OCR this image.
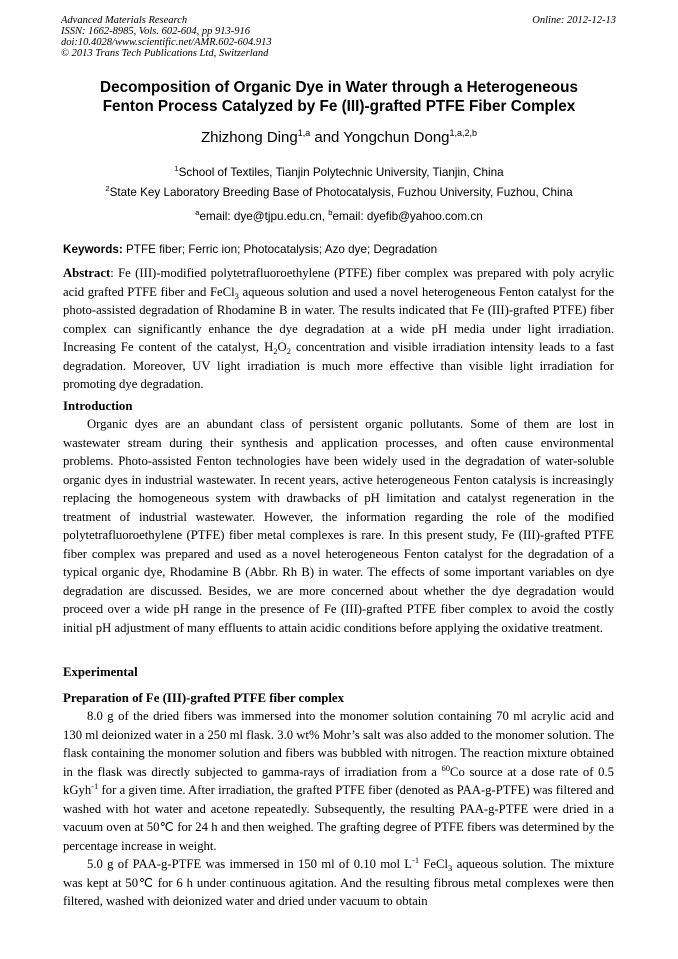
Advanced Materials Research
ISSN: 1662-8985, Vols. 602-604, pp 913-916
doi:10.4028/www.scientific.net/AMR.602-604.913
© 2013 Trans Tech Publications Ltd, Switzerland
Online: 2012-12-13
Decomposition of Organic Dye in Water through a Heterogeneous
Fenton Process Catalyzed by Fe (III)-grafted PTFE Fiber Complex
Zhizhong Ding$^{1,a}$ and Yongchun Dong$^{1,a,2,b}$
$^1$School of Textiles, Tianjin Polytechnic University, Tianjin, China
$^2$State Key Laboratory Breeding Base of Photocatalysis, Fuzhou University, Fuzhou, China
$^a$email: dye@tjpu.edu.cn, $^b$email: dyefib@yahoo.com.cn
Keywords: PTFE fiber; Ferric ion; Photocatalysis; Azo dye; Degradation

Abstract: Fe (III)-modified polytetrafluoroethylene (PTFE) fiber complex was prepared with poly acrylic acid grafted PTFE fiber and FeCl$_3$ aqueous solution and used a novel heterogeneous Fenton catalyst for the photo-assisted degradation of Rhodamine B in water. The results indicated that Fe (III)-grafted PTFE) fiber complex can significantly enhance the dye degradation at a wide pH media under light irradiation. Increasing Fe content of the catalyst, $H_2O_2$ concentration and visible irradiation intensity leads to a fast degradation. Moreover, UV light irradiation is much more effective than visible light irradiation for promoting dye degradation.

Introduction

Organic dyes are an abundant class of persistent organic pollutants. Some of them are lost in wastewater stream during their synthesis and application processes, and often cause environmental problems. Photo-assisted Fenton technologies have been widely used in the degradation of water-soluble organic dyes in industrial wastewater. In recent years, active heterogeneous Fenton catalysis is increasingly replacing the homogeneous system with drawbacks of pH limitation and catalyst regeneration in the treatment of industrial wastewater. However, the information regarding the role of the modified polytetrafluoroethylene (PTFE) fiber metal complexes is rare. In this present study, Fe (III)-grafted PTFE fiber complex was prepared and used as a novel heterogeneous Fenton catalyst for the degradation of a typical organic dye, Rhodamine B (Abbr. Rh B) in water. The effects of some important variables on dye degradation are discussed. Besides, we are more concerned about whether the dye degradation would proceed over a wide pH range in the presence of Fe (III)-grafted PTFE fiber complex to avoid the costly initial pH adjustment of many effluents to attain acidic conditions before applying the oxidative treatment.

Experimental
Preparation of Fe (III)-grafted PTFE fiber complex

8.0 g of the dried fibers was immersed into the monomer solution containing 70 ml acrylic acid and 130 ml deionized water in a 250 ml flask. 3.0 wt% Mohr’s salt was also added to the monomer solution. The flask containing the monomer solution and fibers was bubbled with nitrogen. The reaction mixture obtained in the flask was directly subjected to gamma-rays of irradiation from a $^{60}$Co source at a dose rate of 0.5 kGyh$^{-1}$ for a given time. After irradiation, the grafted PTFE fiber (denoted as PAA-g-PTFE) was filtered and washed with hot water and acetone repeatedly. Subsequently, the resulting PAA-g-PTFE were dried in a vacuum oven at 50℃ for 24 h and then weighed. The grafting degree of PTFE fibers was determined by the percentage increase in weight.

5.0 g of PAA-g-PTFE was immersed in 150 ml of 0.10 mol $L^{-1}$ FeCl$_3$ aqueous solution. The mixture was kept at 50℃ for 6 h under continuous agitation. And the resulting fibrous metal complexes were then filtered, washed with deionized water and dried under vacuum to obtain
